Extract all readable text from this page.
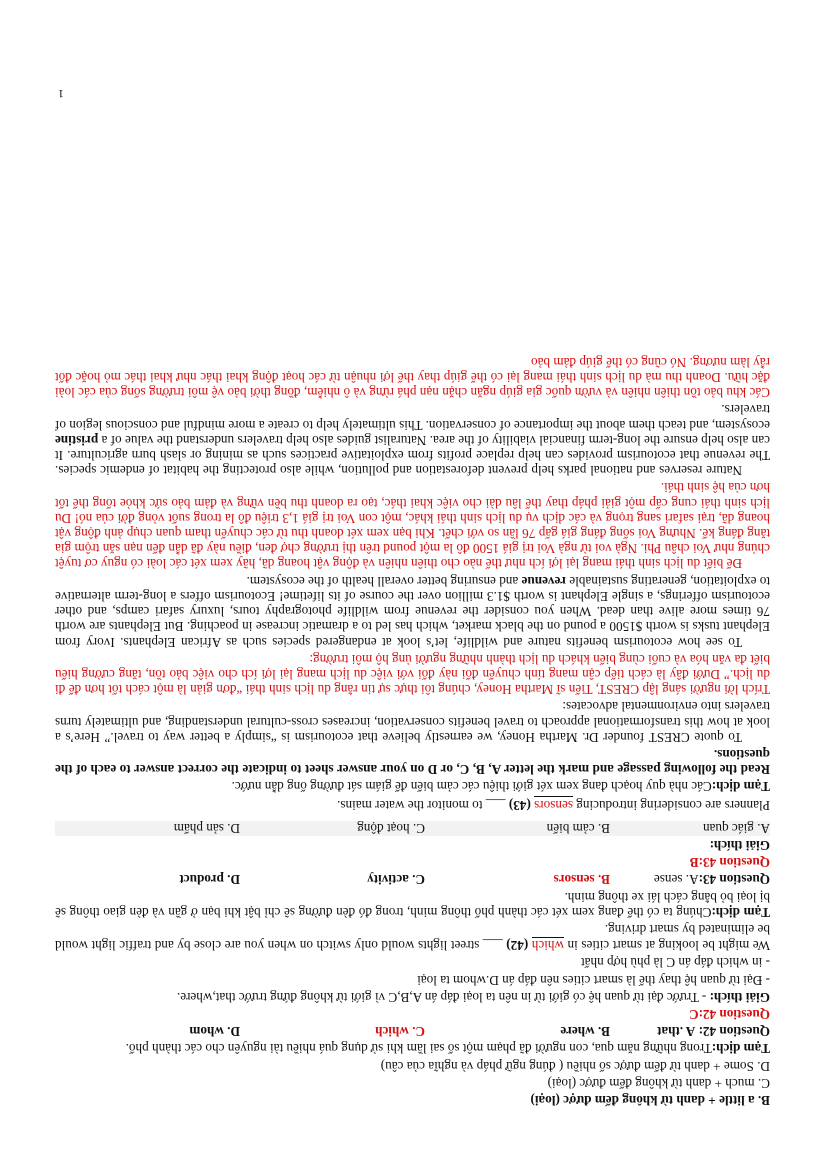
B. a little + danh từ không đếm được (loại)

C. much + danh từ không đếm được (loại)

D. Some + danh từ đếm được số nhiều ( đúng ngữ pháp và nghĩa của câu)

Tạm dịch:Trong những năm qua, con người đã phạm một số sai lầm khi sử dụng quá nhiều tài nguyên cho các thành phố.

Question 42: A .that
B. where
C. which
D. whom

Question 42:C

Giải thích: - Trước đại từ quan hệ có giới từ in nên ta loại đáp án A,B,C vì giới từ không đứng trước that,where.

- Đại từ quan hệ thay thế là smart cities nên đáp án D.whom ta loại

- in which đáp án C là phù hợp nhất

We might be looking at smart cities in which (42) ___ street lights would only switch on when you are close by and traffic light would be eliminated by smart driving.

Tạm dịch:Chúng ta có thể đang xem xét các thành phố thông minh, trong đó đèn đường sẽ chỉ bật khi bạn ở gần và đèn giao thông sẽ bị loại bỏ bằng cách lái xe thông minh.

Question 43:A. sense
B. sensors
C. activity
D. product

Question 43:B

Giải thích:

A. giác quan
B. cảm biến
C. hoạt động
D. sản phẩm

Planners are considering introducing sensors (43) ___ to monitor the water mains.

Tạm dịch:Các nhà quy hoạch đang xem xét giới thiệu các cảm biến để giám sát đường ống dẫn nước.

Read the following passage and mark the letter A, B, C, or D on your answer sheet to indicate the correct answer to each of the questions.

To quote CREST founder Dr. Martha Honey, we earnestly believe that ecotourism is “simply a better way to travel.” Here’s a look at how this transformational approach to travel benefits conservation, increases cross-cultural understanding, and ultimately turns travelers into environmental advocates:

Trích lời người sáng lập CREST, Tiến sĩ Martha Honey, chúng tôi thực sự tin rằng du lịch sinh thái “đơn giản là một cách tốt hơn để đi du lịch.” Dưới đây là cách tiếp cận mang tính chuyển đổi này đối với việc du lịch mang lại lợi ích cho việc bảo tồn, tăng cường hiểu biết đa văn hóa và cuối cùng biến khách du lịch thành những người ủng hộ môi trường:

To see how ecotourism benefits nature and wildlife, let’s look at endangered species such as African Elephants. Ivory from Elephant tusks is worth $1500 a pound on the black market, which has led to a dramatic increase in poaching. But Elephants are worth 76 times more alive than dead. When you consider the revenue from wildlife photography tours, luxury safari camps, and other ecotourism offerings, a single Elephant is worth $1.3 million over the course of its lifetime! Ecotourism offers a long-term alternative to exploitation, generating sustainable revenue and ensuring better overall health of the ecosystem.

Để biết du lịch sinh thái mang lại lợi ích như thế nào cho thiên nhiên và động vật hoang dã, hãy xem xét các loài có nguy cơ tuyệt chủng như Voi châu Phi. Ngà voi từ ngà Voi trị giá 1500 đô la một pound trên thị trường chợ đen, điều này đã dẫn đến nạn săn trộm gia tăng đáng kể. Nhưng Voi sống đáng giá gấp 76 lần so với chết. Khi bạn xem xét doanh thu từ các chuyến tham quan chụp ảnh động vật hoang dã, trại safari sang trọng và các dịch vụ du lịch sinh thái khác, một con Voi trị giá 1,3 triệu đô la trong suốt vòng đời của nó! Du lịch sinh thái cung cấp một giải pháp thay thế lâu dài cho việc khai thác, tạo ra doanh thu bền vững và đảm bảo sức khỏe tổng thể tốt hơn của hệ sinh thái.

Nature reserves and national parks help prevent deforestation and pollution, while also protecting the habitat of endemic species. The revenue that ecotourism provides can help replace profits from exploitative practices such as mining or slash burn agriculture. It can also help ensure the long-term financial viability of the area. Naturalist guides also help travelers understand the value of a pristine ecosystem, and teach them about the importance of conservation. This ultimately help to create a more mindful and conscious legion of travelers.

Các khu bảo tồn thiên nhiên và vườn quốc gia giúp ngăn chặn nạn phá rừng và ô nhiễm, đồng thời bảo vệ môi trường sống của các loài đặc hữu. Doanh thu mà du lịch sinh thái mang lại có thể giúp thay thế lợi nhuận từ các hoạt động khai thác như khai thác mỏ hoặc đốt rẫy làm nương. Nó cũng có thể giúp đảm bảo

1
